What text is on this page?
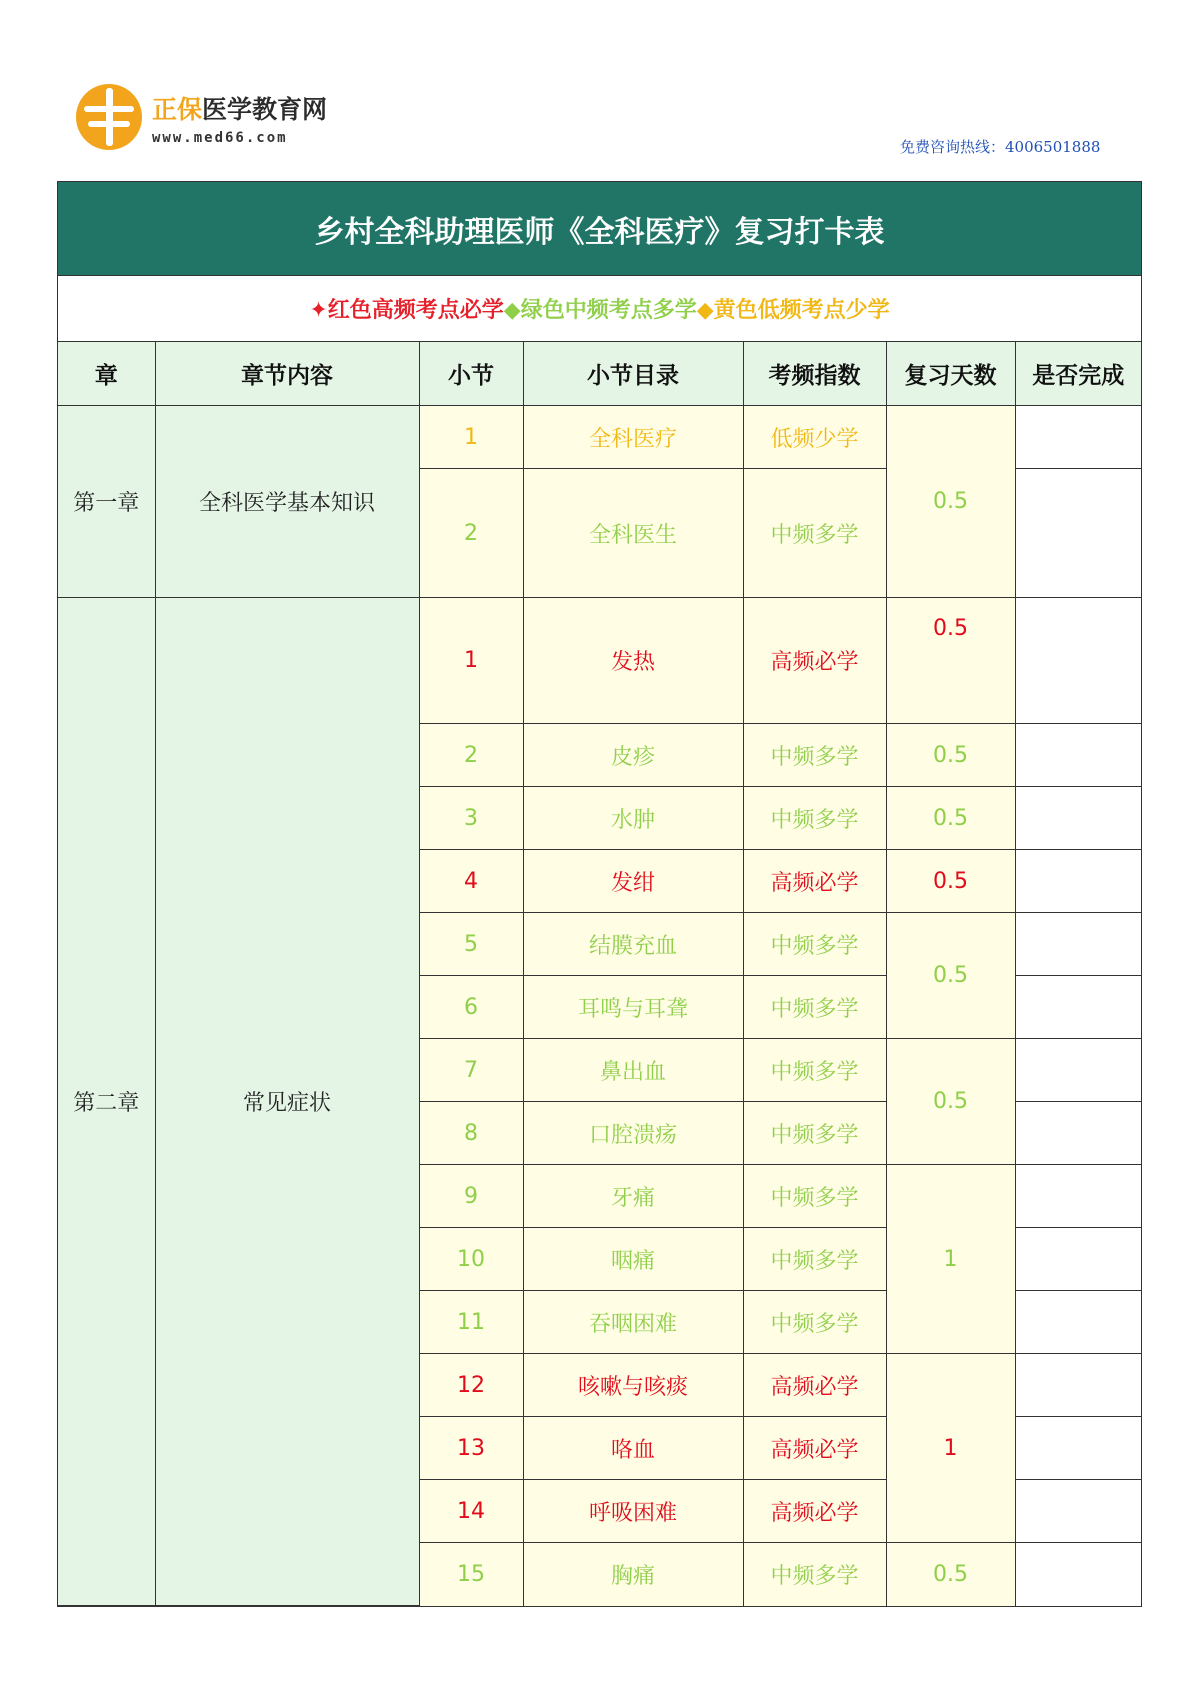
正保医学教育网
www.med66.com	免费咨询热线：4006501888
乡村全科助理医师《全科医疗》复习打卡表
✦红色高频考点必学 ◆绿色中频考点多学 ◆黄色低频考点少学
章	章节内容	小节	小节目录	考频指数	复习天数	是否完成
第一章	全科医学基本知识	1	全科医疗	低频少学	0.5	
		2	全科医生	中频多学		
第二章	常见症状	1	发热	高频必学	0.5	
		2	皮疹	中频多学	0.5	
		3	水肿	中频多学	0.5	
		4	发绀	高频必学	0.5	
		5	结膜充血	中频多学	0.5	
		6	耳鸣与耳聋	中频多学		
		7	鼻出血	中频多学	0.5	
		8	口腔溃疡	中频多学		
		9	牙痛	中频多学	1	
		10	咽痛	中频多学		
		11	吞咽困难	中频多学		
		12	咳嗽与咳痰	高频必学	1	
		13	咯血	高频必学		
		14	呼吸困难	高频必学		
		15	胸痛	中频多学	0.5	
